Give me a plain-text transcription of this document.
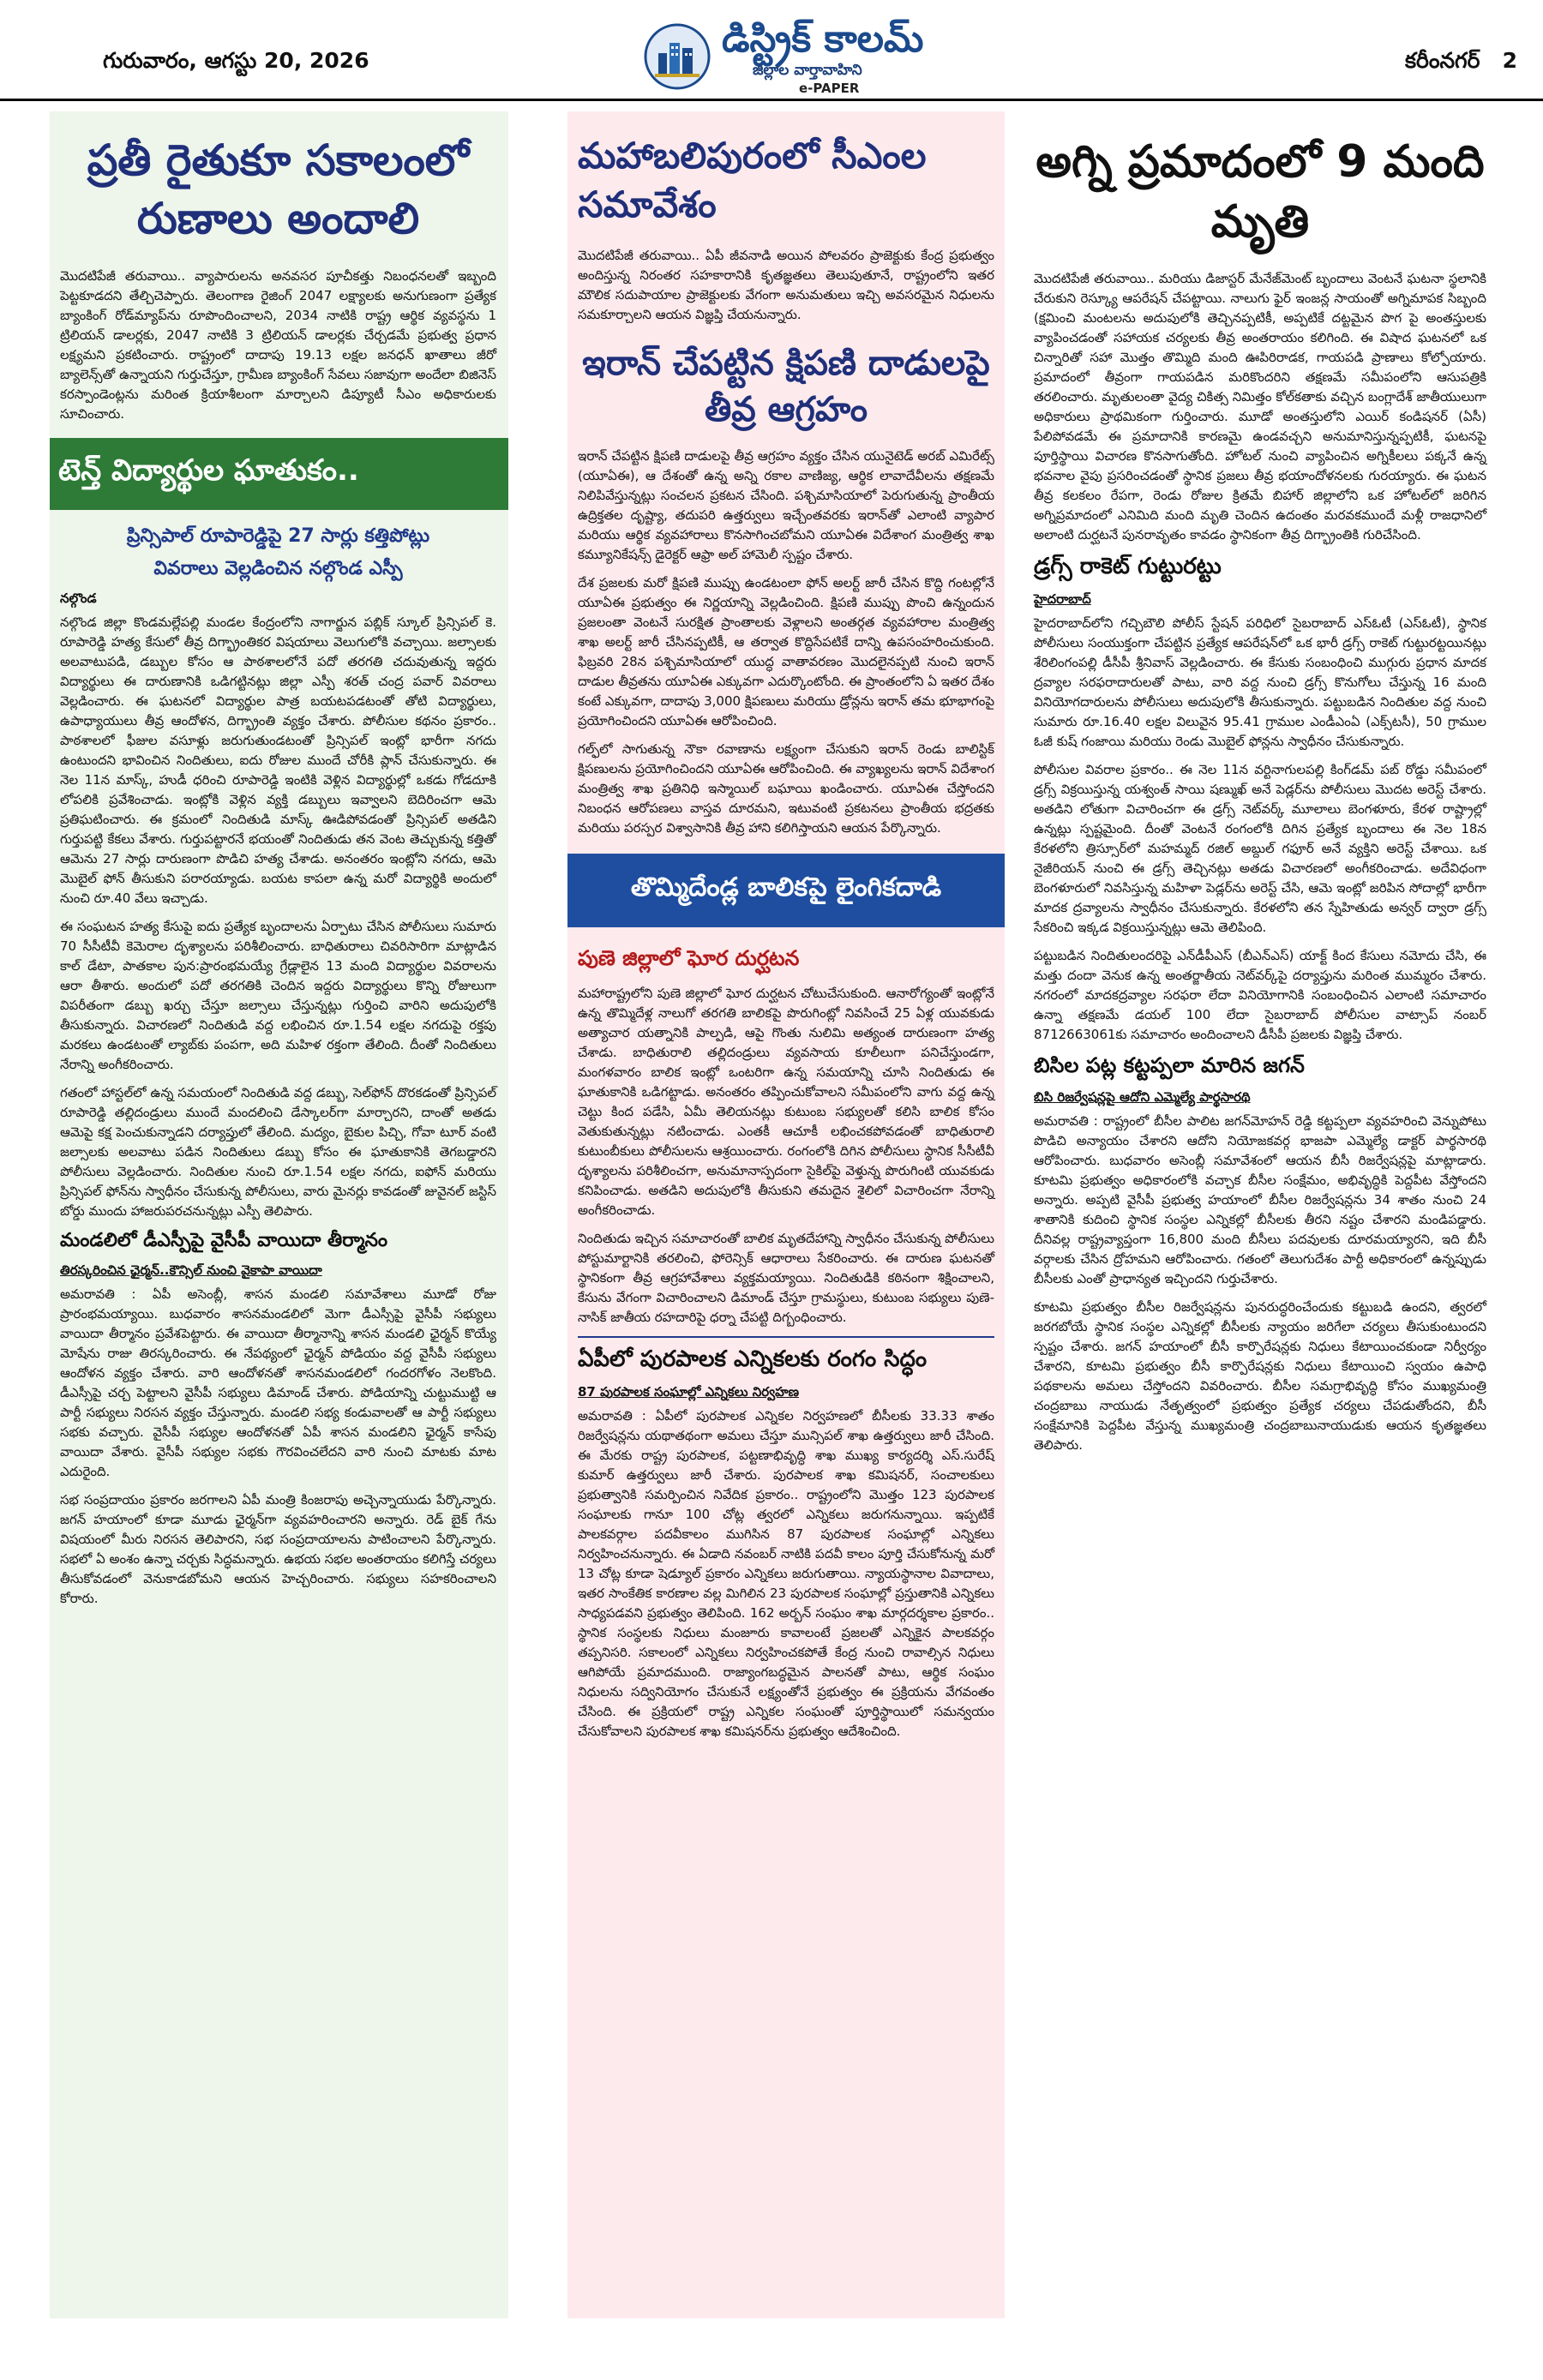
గురువారం, ఆగస్టు 20, 2026	డిస్ట్రిక్ కాలమ్
జిల్లాల వార్తావాహిని
e-PAPER
కరీంనగర్ 2
ప్రతీ రైతుకూ సకాలంలో రుణాలు అందాలి

మొదటిపేజీ తరువాయి.. వ్యాపారులను అనవసర పూచీకత్తు నిబంధనలతో ఇబ్బంది పెట్టకూడదని తేల్చిచెప్పారు. తెలంగాణ రైజింగ్ 2047 లక్ష్యాలకు అనుగుణంగా ప్రత్యేక బ్యాంకింగ్ రోడ్‌మ్యాప్‌ను రూపొందించాలని, 2034 నాటికి రాష్ట్ర ఆర్థిక వ్యవస్థను 1 ట్రిలియన్ డాలర్లకు, 2047 నాటికి 3 ట్రిలియన్ డాలర్లకు చేర్చడమే ప్రభుత్వ ప్రధాన లక్ష్యమని ప్రకటించారు. రాష్ట్రంలో దాదాపు 19.13 లక్షల జనధన్ ఖాతాలు జీరో బ్యాలెన్స్‌తో ఉన్నాయని గుర్తుచేస్తూ, గ్రామీణ బ్యాంకింగ్ సేవలు సజావుగా అందేలా బిజినెస్ కరస్పాండెంట్లను మరింత క్రియాశీలంగా మార్చాలని డిప్యూటీ సీఎం అధికారులకు సూచించారు.

టెన్త్ విద్యార్థుల ఘాతుకం..
ప్రిన్సిపాల్ రూపారెడ్డిపై 27 సార్లు కత్తిపోట్లు
వివరాలు వెల్లడించిన నల్గొండ ఎస్పీ
నల్గొండ

నల్గొండ జిల్లా కొండమల్లేపల్లి మండల కేంద్రంలోని నాగార్జున పబ్లిక్ స్కూల్ ప్రిన్సిపల్ కె. రూపారెడ్డి హత్య కేసులో తీవ్ర దిగ్భ్రాంతికర విషయాలు వెలుగులోకి వచ్చాయి. జల్సాలకు అలవాటుపడి, డబ్బుల కోసం ఆ పాఠశాలలోనే పదో తరగతి చదువుతున్న ఇద్దరు విద్యార్థులు ఈ దారుణానికి ఒడిగట్టినట్లు జిల్లా ఎస్పీ శరత్ చంద్ర పవార్ వివరాలు వెల్లడించారు. ఈ ఘటనలో విద్యార్థుల పాత్ర బయటపడటంతో తోటి విద్యార్థులు, ఉపాధ్యాయులు తీవ్ర ఆందోళన, దిగ్భ్రాంతి వ్యక్తం చేశారు. పోలీసుల కథనం ప్రకారం.. పాఠశాలలో ఫీజుల వసూళ్లు జరుగుతుండటంతో ప్రిన్సిపల్ ఇంట్లో భారీగా నగదు ఉంటుందని భావించిన నిందితులు, ఐదు రోజుల ముందే చోరీకి ప్లాన్ చేసుకున్నారు. ఈ నెల 11న మాస్క్, హుడీ ధరించి రూపారెడ్డి ఇంటికి వెళ్లిన విద్యార్థుల్లో ఒకడు గోడదూకి లోపలికి ప్రవేశించాడు. ఇంట్లోకి వెళ్లిన వ్యక్తి డబ్బులు ఇవ్వాలని బెదిరించగా ఆమె ప్రతిఘటించారు. ఈ క్రమంలో నిందితుడి మాస్క్ ఊడిపోవడంతో ప్రిన్సిపల్ అతడిని గుర్తుపట్టి కేకలు వేశారు. గుర్తుపట్టారనే భయంతో నిందితుడు తన వెంట తెచ్చుకున్న కత్తితో ఆమెను 27 సార్లు దారుణంగా పొడిచి హత్య చేశాడు. అనంతరం ఇంట్లోని నగదు, ఆమె మొబైల్ ఫోన్ తీసుకుని పరారయ్యాడు. బయట కాపలా ఉన్న మరో విద్యార్థికి అందులో నుంచి రూ.40 వేలు ఇచ్చాడు.

ఈ సంఘటన హత్య కేసుపై ఐదు ప్రత్యేక బృందాలను ఏర్పాటు చేసిన పోలీసులు సుమారు 70 సీసీటీవీ కెమెరాల దృశ్యాలను పరిశీలించారు. బాధితురాలు చివరిసారిగా మాట్లాడిన కాల్ డేటా, పాతకాల పున:ప్రారంభమయ్యే గ్రేడ్లాలైన 13 మంది విద్యార్థుల వివరాలను ఆరా తీశారు. అందులో పదో తరగతికి చెందిన ఇద్దరు విద్యార్థులు కొన్ని రోజులుగా విపరీతంగా డబ్బు ఖర్చు చేస్తూ జల్సాలు చేస్తున్నట్లు గుర్తించి వారిని అదుపులోకి తీసుకున్నారు. విచారణలో నిందితుడి వద్ద లభించిన రూ.1.54 లక్షల నగదుపై రక్తపు మరకలు ఉండటంతో ల్యాబ్‌కు పంపగా, అది మహిళ రక్తంగా తేలింది. దీంతో నిందితులు నేరాన్ని అంగీకరించారు.

గతంలో హాస్టల్‌లో ఉన్న సమయంలో నిందితుడి వద్ద డబ్బు, సెల్‌ఫోన్ దొరకడంతో ప్రిన్సిపల్ రూపారెడ్డి తల్లిదండ్రులు ముందే మందలించి డేస్కాలర్‌గా మార్చారని, దాంతో అతడు ఆమెపై కక్ష పెంచుకున్నాడని దర్యాప్తులో తేలింది. మద్యం, బైకుల పిచ్చి, గోవా టూర్ వంటి జల్సాలకు అలవాటు పడిన నిందితులు డబ్బు కోసం ఈ ఘాతుకానికి తెగబడ్డారని పోలీసులు వెల్లడించారు. నిందితుల నుంచి రూ.1.54 లక్షల నగదు, ఐఫోన్ మరియు ప్రిన్సిపల్ ఫోన్‌ను స్వాధీనం చేసుకున్న పోలీసులు, వారు మైనర్లు కావడంతో జువైనల్ జస్టిస్ బోర్డు ముందు హాజరుపరచనున్నట్లు ఎస్పీ తెలిపారు.

మండలిలో డీఎస్పీపై వైసీపీ వాయిదా తీర్మానం
తిరస్కరించిన ఛైర్మన్‌..కౌన్సిల్ నుంచి వైకాపా వాయిదా

అమరావతి : ఏపీ అసెంబ్లీ, శాసన మండలి సమావేశాలు మూడో రోజు ప్రారంభమయ్యాయి. బుధవారం శాసనమండలిలో మెగా డీఎస్సీపై వైసీపీ సభ్యులు వాయిదా తీర్మానం ప్రవేశపెట్టారు. ఈ వాయిదా తీర్మానాన్ని శాసన మండలి ఛైర్మన్ కొయ్యే మోషేను రాజు తిరస్కరించారు. ఈ నేపథ్యంలో ఛైర్మన్ పోడియం వద్ద వైసీపీ సభ్యులు ఆందోళన వ్యక్తం చేశారు. వారి ఆందోళనతో శాసనమండలిలో గందరగోళం నెలకొంది. డీఎస్సీపై చర్చ పెట్టాలని వైసీపీ సభ్యులు డిమాండ్ చేశారు. పోడియాన్ని చుట్టుముట్టి ఆ పార్టీ సభ్యులు నిరసన వ్యక్తం చేస్తున్నారు. మండలి సభ్య కండువాలతో ఆ పార్టీ సభ్యులు సభకు వచ్చారు. వైసీపీ సభ్యుల ఆందోళనతో ఏపీ శాసన మండలిని ఛైర్మన్ కాసేపు వాయిదా వేశారు. వైసీపీ సభ్యుల సభకు గౌరవించలేదని వారి నుంచి మాటకు మాట ఎదురైంది.

సభ సంప్రదాయం ప్రకారం జరగాలని ఏపీ మంత్రి కింజరాపు అచ్చెన్నాయుడు పేర్కొన్నారు. జగన్ హయాంలో కూడా మూడు ఛైర్మన్‌గా వ్యవహరించారని అన్నారు. రెడ్ బైక్ గేను విషయంలో మీరు నిరసన తెలిపారని, సభ సంప్రదాయాలను పాటించాలని పేర్కొన్నారు. సభలో ఏ అంశం ఉన్నా చర్చకు సిద్ధమన్నారు. ఉభయ సభల అంతరాయం కలిగిస్తే చర్యలు తీసుకోవడంలో వెనుకాడబోమని ఆయన హెచ్చరించారు. సభ్యులు సహకరించాలని కోరారు.

మహాబలిపురంలో సీఎంల సమావేశం

మొదటిపేజీ తరువాయి.. ఏపీ జీవనాడి అయిన పోలవరం ప్రాజెక్టుకు కేంద్ర ప్రభుత్వం అందిస్తున్న నిరంతర సహకారానికి కృతజ్ఞతలు తెలుపుతూనే, రాష్ట్రంలోని ఇతర మౌలిక సదుపాయాల ప్రాజెక్టులకు వేగంగా అనుమతులు ఇచ్చి అవసరమైన నిధులను సమకూర్చాలని ఆయన విజ్ఞప్తి చేయనున్నారు.

ఇరాన్ చేపట్టిన క్షిపణి దాడులపై తీవ్ర ఆగ్రహం

ఇరాన్ చేపట్టిన క్షిపణి దాడులపై తీవ్ర ఆగ్రహం వ్యక్తం చేసిన యునైటెడ్ అరబ్ ఎమిరేట్స్ (యూఏఈ), ఆ దేశంతో ఉన్న అన్ని రకాల వాణిజ్య, ఆర్థిక లావాదేవీలను తక్షణమే నిలిపివేస్తున్నట్లు సంచలన ప్రకటన చేసింది. పశ్చిమాసియాలో పెరుగుతున్న ప్రాంతీయ ఉద్రిక్తతల దృష్ట్యా, తదుపరి ఉత్తర్వులు ఇచ్చేంతవరకు ఇరాన్‌తో ఎలాంటి వ్యాపార మరియు ఆర్థిక వ్యవహారాలు కొనసాగించబోమని యూఏఈ విదేశాంగ మంత్రిత్వ శాఖ కమ్యూనికేషన్స్ డైరెక్టర్ ఆఫ్రా అల్ హామెలీ స్పష్టం చేశారు.

దేశ ప్రజలకు మరో క్షిపణి ముప్పు ఉండటంలా ఫోన్ అలర్ట్ జారీ చేసిన కొద్ది గంటల్లోనే యూఏఈ ప్రభుత్వం ఈ నిర్ణయాన్ని వెల్లడించింది. క్షిపణి ముప్పు పొంచి ఉన్నందున ప్రజలంతా వెంటనే సురక్షిత ప్రాంతాలకు వెళ్లాలని అంతర్గత వ్యవహారాల మంత్రిత్వ శాఖ అలర్ట్ జారీ చేసినప్పటికీ, ఆ తర్వాత కొద్దిసేపటికే దాన్ని ఉపసంహరించుకుంది. ఫిబ్రవరి 28న పశ్చిమాసియాలో యుద్ధ వాతావరణం మొదలైనప్పటి నుంచి ఇరాన్ దాడుల తీవ్రతను యూఏఈ ఎక్కువగా ఎదుర్కొంటోంది. ఈ ప్రాంతంలోని ఏ ఇతర దేశం కంటే ఎక్కువగా, దాదాపు 3,000 క్షిపణులు మరియు డ్రోన్లను ఇరాన్ తమ భూభాగంపై ప్రయోగించిందని యూఏఈ ఆరోపించింది.

గల్ఫ్‌లో సాగుతున్న నౌకా రవాణాను లక్ష్యంగా చేసుకుని ఇరాన్ రెండు బాలిస్టిక్ క్షిపణులను ప్రయోగించిందని యూఏఈ ఆరోపించింది. ఈ వ్యాఖ్యలను ఇరాన్ విదేశాంగ మంత్రిత్వ శాఖ ప్రతినిధి ఇస్మాయిల్ బఘాయి ఖండించారు. యూఏఈ చేస్తోందని నిబంధన ఆరోపణలు వాస్తవ దూరమని, ఇటువంటి ప్రకటనలు ప్రాంతీయ భద్రతకు మరియు పరస్పర విశ్వాసానికి తీవ్ర హాని కలిగిస్తాయని ఆయన పేర్కొన్నారు.

తొమ్మిదేండ్ల బాలికపై లైంగికదాడి
పుణె జిల్లాలో ఘోర దుర్ఘటన

మహారాష్ట్రలోని పుణె జిల్లాలో ఘోర దుర్ఘటన చోటుచేసుకుంది. ఆనారోగ్యంతో ఇంట్లోనే ఉన్న తొమ్మిదేళ్ల నాలుగో తరగతి బాలికపై పొరుగింట్లో నివసించే 25 ఏళ్ల యువకుడు అత్యాచార యత్నానికి పాల్పడి, ఆపై గొంతు నులిమి అత్యంత దారుణంగా హత్య చేశాడు. బాధితురాలి తల్లిదండ్రులు వ్యవసాయ కూలీలుగా పనిచేస్తుండగా, మంగళవారం బాలిక ఇంట్లో ఒంటరిగా ఉన్న సమయాన్ని చూసి నిందితుడు ఈ ఘాతుకానికి ఒడిగట్టాడు. అనంతరం తప్పించుకోవాలని సమీపంలోని వాగు వద్ద ఉన్న చెట్టు కింద పడేసి, ఏమీ తెలియనట్లు కుటుంబ సభ్యులతో కలిసి బాలిక కోసం వెతుకుతున్నట్లు నటించాడు. ఎంతకీ ఆచూకీ లభించకపోవడంతో బాధితురాలి కుటుంబీకులు పోలీసులను ఆశ్రయించారు. రంగంలోకి దిగిన పోలీసులు స్థానిక సీసీటీవీ దృశ్యాలను పరిశీలించగా, అనుమానాస్పదంగా సైకిల్‌పై వెళ్తున్న పొరుగింటి యువకుడు కనిపించాడు. అతడిని అదుపులోకి తీసుకుని తమదైన శైలిలో విచారించగా నేరాన్ని అంగీకరించాడు.

నిందితుడు ఇచ్చిన సమాచారంతో బాలిక మృతదేహాన్ని స్వాధీనం చేసుకున్న పోలీసులు పోస్టుమార్టానికి తరలించి, ఫోరెన్సిక్ ఆధారాలు సేకరించారు. ఈ దారుణ ఘటనతో స్థానికంగా తీవ్ర ఆగ్రహావేశాలు వ్యక్తమయ్యాయి. నిందితుడికి కఠినంగా శిక్షించాలని, కేసును వేగంగా విచారించాలని డిమాండ్ చేస్తూ గ్రామస్థులు, కుటుంబ సభ్యులు పుణె-నాసిక్ జాతీయ రహదారిపై ధర్నా చేపట్టి దిగ్బంధించారు.

ఏపీలో పురపాలక ఎన్నికలకు రంగం సిద్ధం
87 పురపాలక సంఘాల్లో ఎన్నికలు నిర్వహణ

అమరావతి : ఏపీలో పురపాలక ఎన్నికల నిర్వహణలో బీసీలకు 33.33 శాతం రిజర్వేషన్లను యథాతథంగా అమలు చేస్తూ మున్సిపల్ శాఖ ఉత్తర్వులు జారీ చేసింది. ఈ మేరకు రాష్ట్ర పురపాలక, పట్టణాభివృద్ధి శాఖ ముఖ్య కార్యదర్శి ఎస్.సురేష్ కుమార్ ఉత్తర్వులు జారీ చేశారు. పురపాలక శాఖ కమిషనర్, సంచాలకులు ప్రభుత్వానికి సమర్పించిన నివేదిక ప్రకారం.. రాష్ట్రంలోని మొత్తం 123 పురపాలక సంఘాలకు గానూ 100 చోట్ల త్వరలో ఎన్నికలు జరుగనున్నాయి. ఇప్పటికే పాలకవర్గాల పదవీకాలం ముగిసిన 87 పురపాలక సంఘాల్లో ఎన్నికలు నిర్వహించనున్నారు. ఈ ఏడాది నవంబర్ నాటికి పదవీ కాలం పూర్తి చేసుకోనున్న మరో 13 చోట్ల కూడా షెడ్యూల్ ప్రకారం ఎన్నికలు జరుగుతాయి. న్యాయస్థానాల వివాదాలు, ఇతర సాంకేతిక కారణాల వల్ల మిగిలిన 23 పురపాలక సంఘాల్లో ప్రస్తుతానికి ఎన్నికలు సాధ్యపడవని ప్రభుత్వం తెలిపింది. 162 అర్బన్ సంఘం శాఖ మార్గదర్శకాల ప్రకారం.. స్థానిక సంస్థలకు నిధులు మంజూరు కావాలంటే ప్రజలతో ఎన్నికైన పాలకవర్గం తప్పనిసరి. సకాలంలో ఎన్నికలు నిర్వహించకపోతే కేంద్ర నుంచి రావాల్సిన నిధులు ఆగిపోయే ప్రమాదముంది. రాజ్యాంగబద్ధమైన పాలనతో పాటు, ఆర్థిక సంఘం నిధులను సద్వినియోగం చేసుకునే లక్ష్యంతోనే ప్రభుత్వం ఈ ప్రక్రియను వేగవంతం చేసింది. ఈ ప్రక్రియలో రాష్ట్ర ఎన్నికల సంఘంతో పూర్తిస్థాయిలో సమన్వయం చేసుకోవాలని పురపాలక శాఖ కమిషనర్‌ను ప్రభుత్వం ఆదేశించింది.

అగ్ని ప్రమాదంలో 9 మంది మృతి

మొదటిపేజీ తరువాయి.. మరియు డిజాస్టర్ మేనేజ్‌మెంట్ బృందాలు వెంటనే ఘటనా స్థలానికి చేరుకుని రెస్క్యూ ఆపరేషన్ చేపట్టాయి. నాలుగు ఫైర్ ఇంజన్ల సాయంతో అగ్నిమాపక సిబ్బంది (క్షమించి మంటలను అదుపులోకి తెచ్చినప్పటికీ, అప్పటికే దట్టమైన పొగ పై అంతస్తులకు వ్యాపించడంతో సహాయక చర్యలకు తీవ్ర అంతరాయం కలిగింది. ఈ విషాద ఘటనలో ఒక చిన్నారితో సహా మొత్తం తొమ్మిది మంది ఊపిరిరాడక, గాయపడి ప్రాణాలు కోల్పోయారు. ప్రమాదంలో తీవ్రంగా గాయపడిన మరికొందరిని తక్షణమే సమీపంలోని ఆసుపత్రికి తరలించారు. మృతులంతా వైద్య చికిత్స నిమిత్తం కోల్‌కతాకు వచ్చిన బంగ్లాదేశ్ జాతీయులుగా అధికారులు ప్రాథమికంగా గుర్తించారు. మూడో అంతస్తులోని ఎయిర్ కండిషనర్ (ఏసీ) పేలిపోవడమే ఈ ప్రమాదానికి కారణమై ఉండవచ్చని అనుమానిస్తున్నప్పటికీ, ఘటనపై పూర్తిస్థాయి విచారణ కొనసాగుతోంది. హోటల్ నుంచి వ్యాపించిన అగ్నికీలలు పక్కనే ఉన్న భవనాల వైపు ప్రసరించడంతో స్థానిక ప్రజలు తీవ్ర భయాందోళనలకు గురయ్యారు. ఈ ఘటన తీవ్ర కలకలం రేపగా, రెండు రోజుల క్రితమే బిహార్ జిల్లాలోని ఒక హోటల్‌లో జరిగిన అగ్నిప్రమాదంలో ఎనిమిది మంది మృతి చెందిన ఉదంతం మరవకముందే మళ్లీ రాజధానిలో అలాంటి దుర్ఘటనే పునరావృతం కావడం స్థానికంగా తీవ్ర దిగ్భ్రాంతికి గురిచేసింది.

డ్రగ్స్ రాకెట్ గుట్టురట్టు
హైదరాబాద్

హైదరాబాద్‌లోని గచ్చిబౌలి పోలీస్ స్టేషన్ పరిధిలో సైబరాబాద్ ఎస్‌ఓటీ (ఎస్ఓటీ), స్థానిక పోలీసులు సంయుక్తంగా చేపట్టిన ప్రత్యేక ఆపరేషన్‌లో ఒక భారీ డ్రగ్స్ రాకెట్ గుట్టురట్టయినట్లు శేరిలింగంపల్లి డీసీపీ శ్రీనివాస్ వెల్లడించారు. ఈ కేసుకు సంబంధించి ముగ్గురు ప్రధాన మాదక ద్రవ్యాల సరఫరాదారులతో పాటు, వారి వద్ద నుంచి డ్రగ్స్ కొనుగోలు చేస్తున్న 16 మంది వినియోగదారులను పోలీసులు అదుపులోకి తీసుకున్నారు. పట్టుబడిన నిందితుల వద్ద నుంచి సుమారు రూ.16.40 లక్షల విలువైన 95.41 గ్రాముల ఎండీఎంఏ (ఎక్స్‌టసీ), 50 గ్రాముల ఓజీ కుష్ గంజాయి మరియు రెండు మొబైల్ ఫోన్లను స్వాధీనం చేసుకున్నారు.

పోలీసుల వివరాల ప్రకారం.. ఈ నెల 11న వర్టినాగులపల్లి కింగ్‌డమ్ పబ్ రోడ్డు సమీపంలో డ్రగ్స్ విక్రయిస్తున్న యశ్వంత్ సాయి షణ్ముఖ్ అనే పెడ్లర్‌ను పోలీసులు మొదట అరెస్ట్ చేశారు. అతడిని లోతుగా విచారించగా ఈ డ్రగ్స్ నెట్‌వర్క్ మూలాలు బెంగళూరు, కేరళ రాష్ట్రాల్లో ఉన్నట్లు స్పష్టమైంది. దీంతో వెంటనే రంగంలోకి దిగిన ప్రత్యేక బృందాలు ఈ నెల 18న కేరళలోని త్రిస్సూర్‌లో మహమ్మద్ రజిల్ అబ్దుల్ గఫూర్ అనే వ్యక్తిని అరెస్ట్ చేశాయి. ఒక నైజీరియన్ నుంచి ఈ డ్రగ్స్ తెచ్చినట్లు అతడు విచారణలో అంగీకరించాడు. అదేవిధంగా బెంగళూరులో నివసిస్తున్న మహిళా పెడ్లర్‌ను అరెస్ట్ చేసి, ఆమె ఇంట్లో జరిపిన సోదాల్లో భారీగా మాదక ద్రవ్యాలను స్వాధీనం చేసుకున్నారు. కేరళలోని తన స్నేహితుడు అన్వర్ ద్వారా డ్రగ్స్ సేకరించి ఇక్కడ విక్రయిస్తున్నట్లు ఆమె తెలిపింది.

పట్టుబడిన నిందితులందరిపై ఎన్‌డీపీఎస్ (బీఎన్ఎస్) యాక్ట్ కింద కేసులు నమోదు చేసి, ఈ మత్తు దందా వెనుక ఉన్న అంతర్జాతీయ నెట్‌వర్క్‌పై దర్యాప్తును మరింత ముమ్మరం చేశారు. నగరంలో మాదకద్రవ్యాల సరఫరా లేదా వినియోగానికి సంబంధించిన ఎలాంటి సమాచారం ఉన్నా తక్షణమే డయల్ 100 లేదా సైబరాబాద్ పోలీసుల వాట్సాప్ నంబర్ 8712663061కు సమాచారం అందించాలని డీసీపీ ప్రజలకు విజ్ఞప్తి చేశారు.

బిసిల పట్ల కట్టప్పలా మారిన జగన్
బిసి రిజర్వేషన్లపై ఆదోని ఎమ్మెల్యే పార్థసారథి

అమరావతి : రాష్ట్రంలో బీసీల పాలిట జగన్‌మోహన్ రెడ్డి కట్టప్పలా వ్యవహరించి వెన్నుపోటు పొడిచి అన్యాయం చేశారని ఆదోని నియోజకవర్గ భాజపా ఎమ్మెల్యే డాక్టర్ పార్థసారథి ఆరోపించారు. బుధవారం అసెంబ్లీ సమావేశంలో ఆయన బీసీ రిజర్వేషన్లపై మాట్లాడారు. కూటమి ప్రభుత్వం అధికారంలోకి వచ్చాక బీసీల సంక్షేమం, అభివృద్ధికి పెద్దపీట వేస్తోందని అన్నారు. అప్పటి వైసీపీ ప్రభుత్వ హయాంలో బీసీల రిజర్వేషన్లను 34 శాతం నుంచి 24 శాతానికి కుదించి స్థానిక సంస్థల ఎన్నికల్లో బీసీలకు తీరని నష్టం చేశారని మండిపడ్డారు. దీనివల్ల రాష్ట్రవ్యాప్తంగా 16,800 మంది బీసీలు పదవులకు దూరమయ్యారని, ఇది బీసీ వర్గాలకు చేసిన ద్రోహమని ఆరోపించారు. గతంలో తెలుగుదేశం పార్టీ అధికారంలో ఉన్నప్పుడు బీసీలకు ఎంతో ప్రాధాన్యత ఇచ్చిందని గుర్తుచేశారు.

కూటమి ప్రభుత్వం బీసీల రిజర్వేషన్లను పునరుద్ధరించేందుకు కట్టుబడి ఉందని, త్వరలో జరగబోయే స్థానిక సంస్థల ఎన్నికల్లో బీసీలకు న్యాయం జరిగేలా చర్యలు తీసుకుంటుందని స్పష్టం చేశారు. జగన్ హయాంలో బీసీ కార్పొరేషన్లకు నిధులు కేటాయించకుండా నిర్వీర్యం చేశారని, కూటమి ప్రభుత్వం బీసీ కార్పొరేషన్లకు నిధులు కేటాయించి స్వయం ఉపాధి పథకాలను అమలు చేస్తోందని వివరించారు. బీసీల సమగ్రాభివృద్ధి కోసం ముఖ్యమంత్రి చంద్రబాబు నాయుడు నేతృత్వంలో ప్రభుత్వం ప్రత్యేక చర్యలు చేపడుతోందని, బీసీ సంక్షేమానికి పెద్దపీట వేస్తున్న ముఖ్యమంత్రి చంద్రబాబునాయుడుకు ఆయన కృతజ్ఞతలు తెలిపారు.
